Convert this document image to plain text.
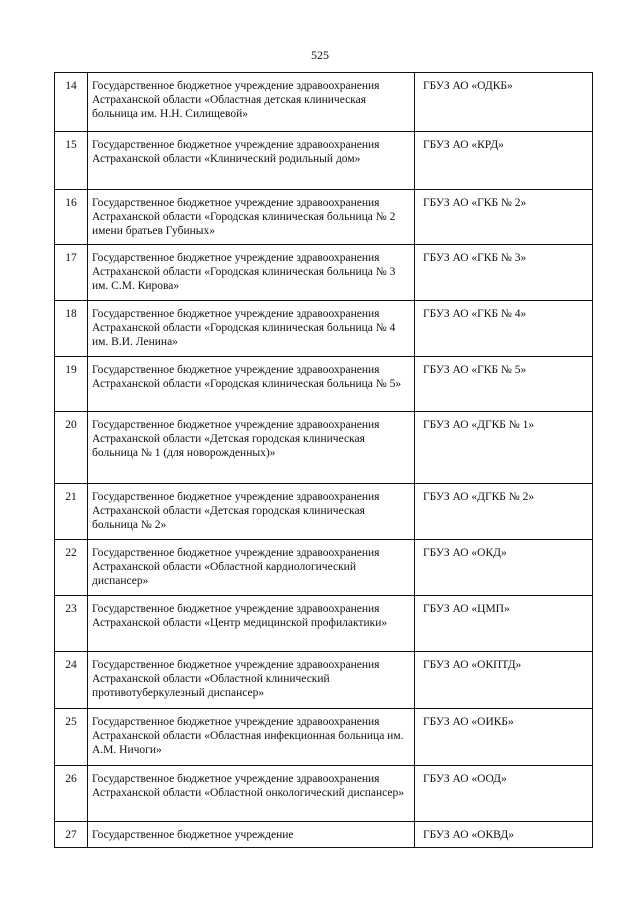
525
14	Государственное бюджетное учреждение здравоохранения Астраханской области «Областная детская клиническая больница им. Н.Н. Силищевой»	ГБУЗ АО «ОДКБ»
15	Государственное бюджетное учреждение здравоохранения Астраханской области «Клинический родильный дом»	ГБУЗ АО «КРД»
16	Государственное бюджетное учреждение здравоохранения Астраханской области «Городская клиническая больница № 2 имени братьев Губиных»	ГБУЗ АО «ГКБ № 2»
17	Государственное бюджетное учреждение здравоохранения Астраханской области «Городская клиническая больница № 3 им. С.М. Кирова»	ГБУЗ АО «ГКБ № 3»
18	Государственное бюджетное учреждение здравоохранения Астраханской области «Городская клиническая больница № 4 им. В.И. Ленина»	ГБУЗ АО «ГКБ № 4»
19	Государственное бюджетное учреждение здравоохранения Астраханской области «Городская клиническая больница № 5»	ГБУЗ АО «ГКБ № 5»
20	Государственное бюджетное учреждение здравоохранения Астраханской области «Детская городская клиническая больница № 1 (для новорожденных)»	ГБУЗ АО «ДГКБ № 1»
21	Государственное бюджетное учреждение здравоохранения Астраханской области «Детская городская клиническая больница № 2»	ГБУЗ АО «ДГКБ № 2»
22	Государственное бюджетное учреждение здравоохранения Астраханской области «Областной кардиологический диспансер»	ГБУЗ АО «ОКД»
23	Государственное бюджетное учреждение здравоохранения Астраханской области «Центр медицинской профилактики»	ГБУЗ АО «ЦМП»
24	Государственное бюджетное учреждение здравоохранения Астраханской области «Областной клинический противотуберкулезный диспансер»	ГБУЗ АО «ОКПТД»
25	Государственное бюджетное учреждение здравоохранения Астраханской области «Областная инфекционная больница им. А.М. Ничоги»	ГБУЗ АО «ОИКБ»
26	Государственное бюджетное учреждение здравоохранения Астраханской области «Областной онкологический диспансер»	ГБУЗ АО «ООД»
27	Государственное бюджетное учреждение	ГБУЗ АО «ОКВД»
